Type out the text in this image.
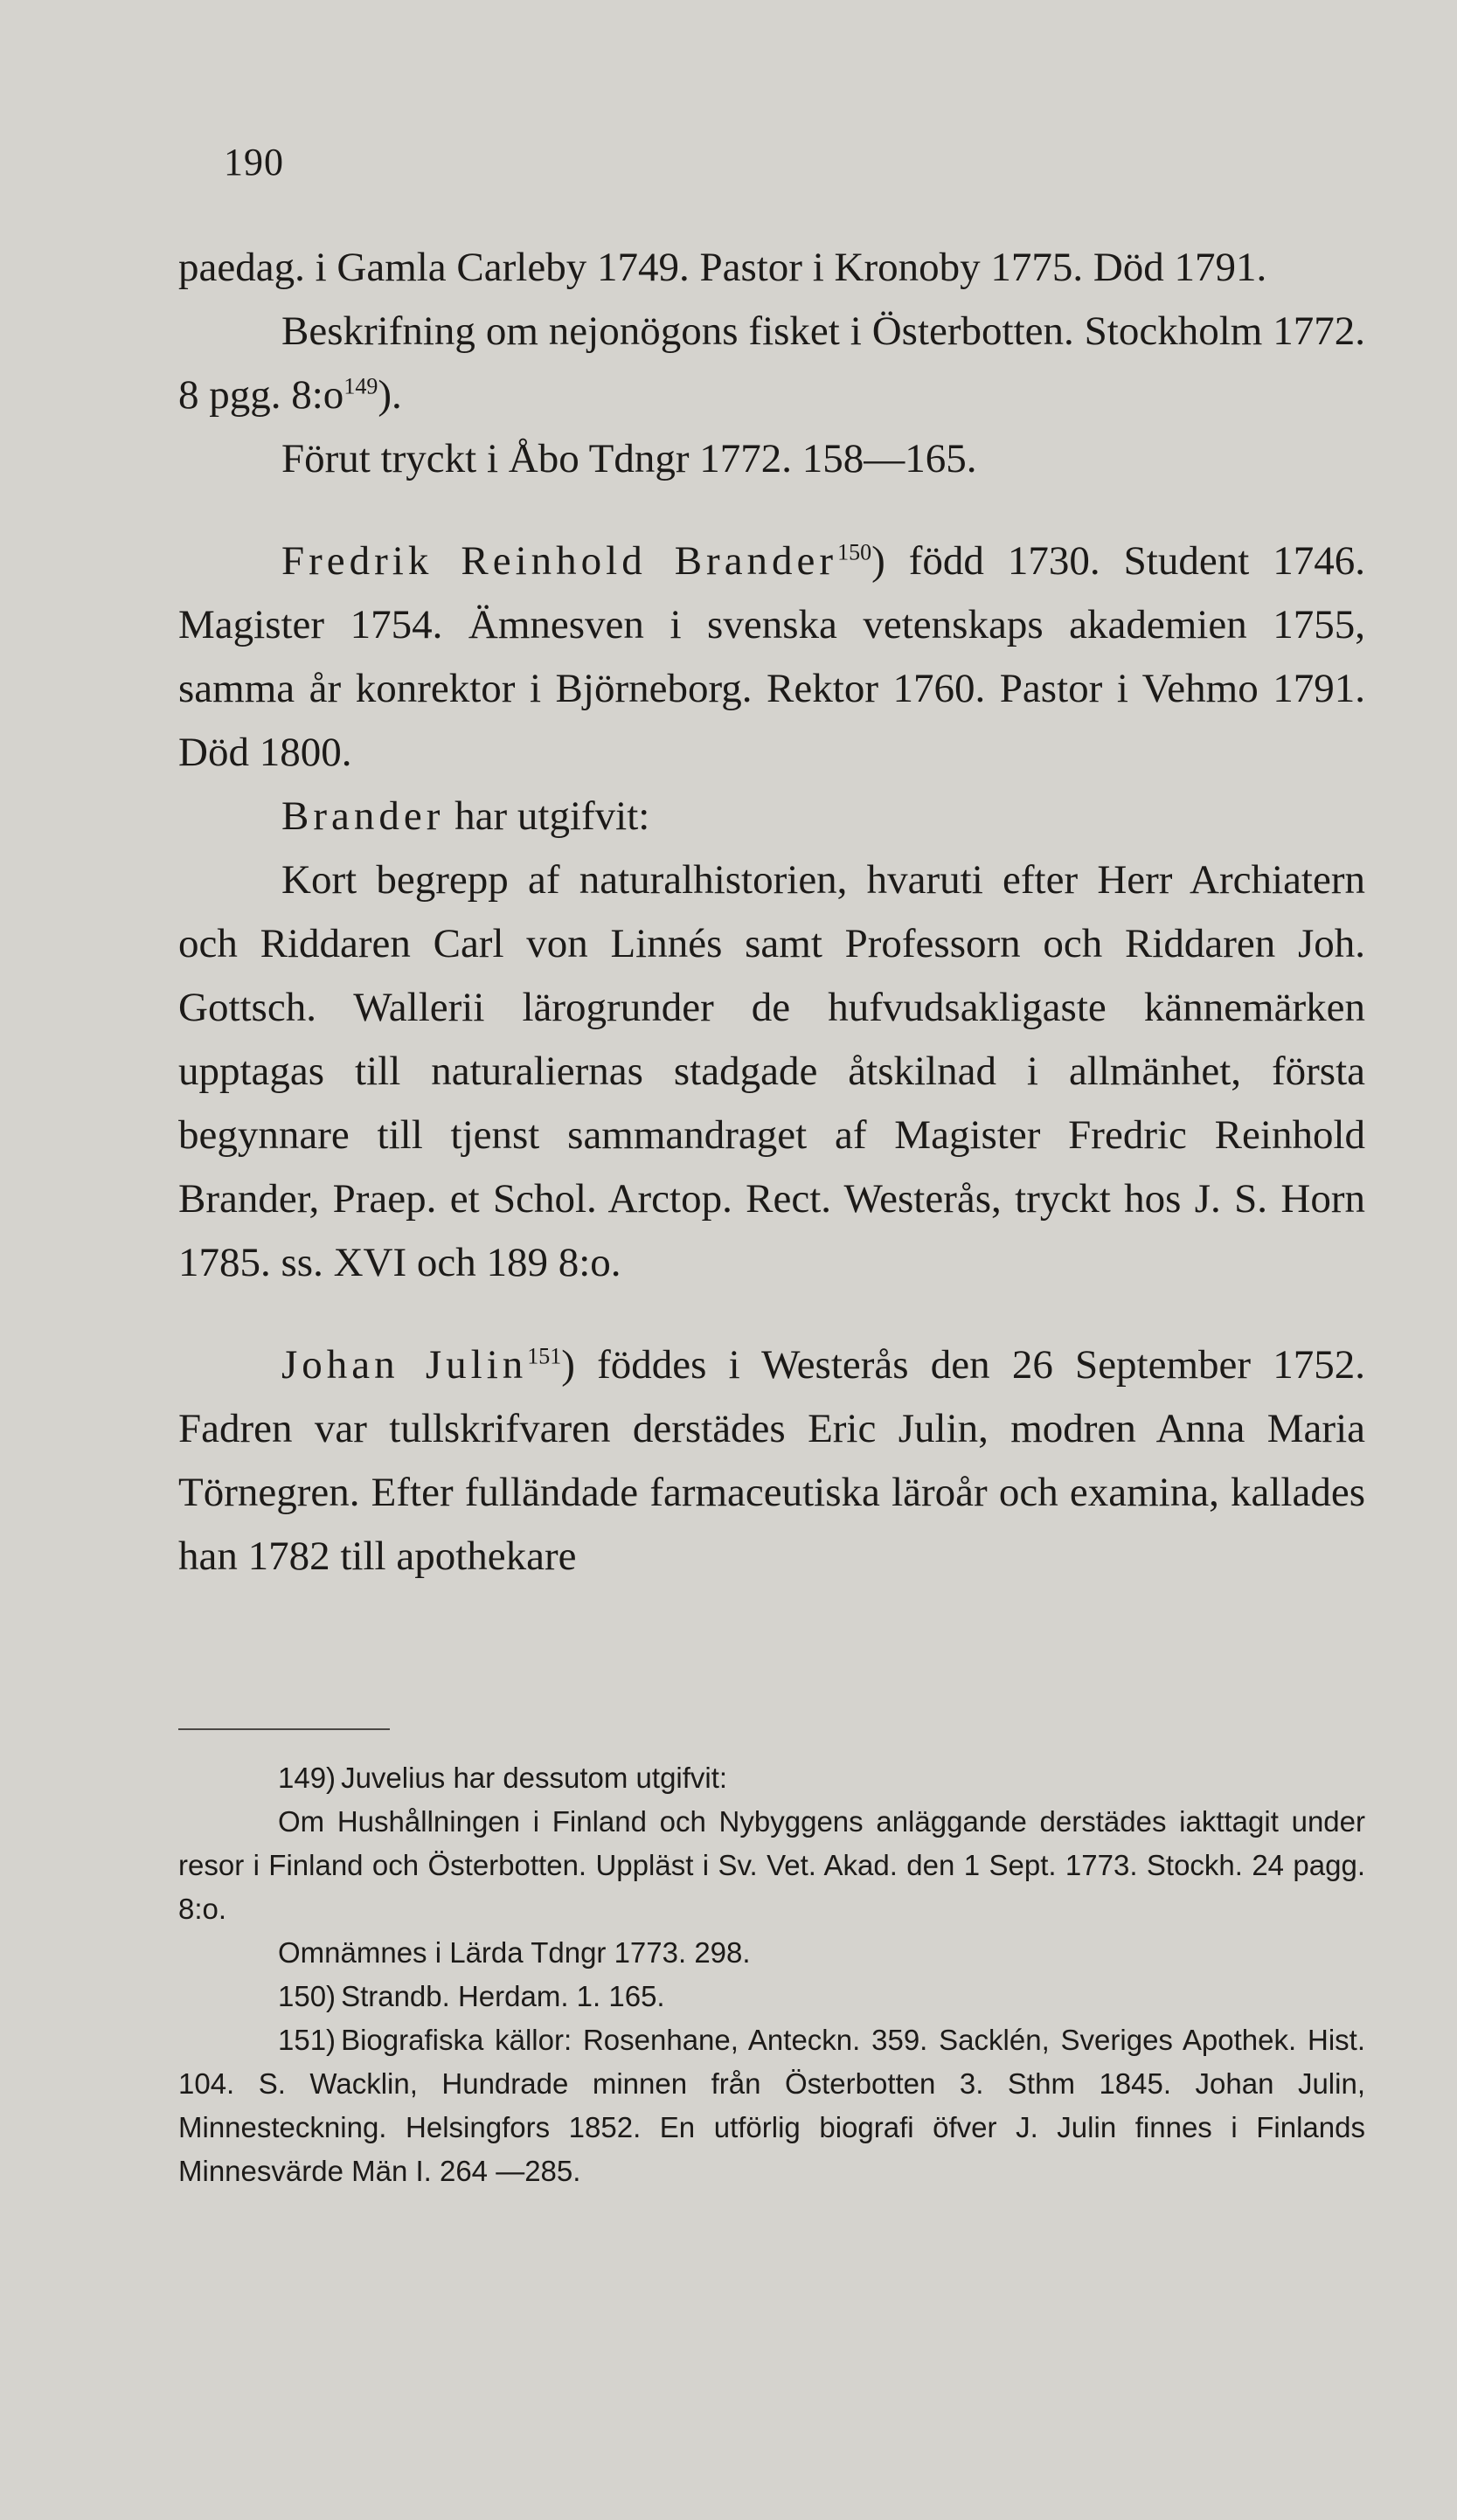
190

paedag. i Gamla Carleby 1749. Pastor i Kronoby 1775. Död 1791.

Beskrifning om nejonögons fisket i Österbotten. Stockholm 1772. 8 pgg. $8:o^{149}$).

Förut tryckt i Åbo Tdngr 1772. 158—165.

Fredrik Reinhold Brander$^{150}$) född 1730. Student 1746. Magister 1754. Ämnesven i svenska vetenskaps akademien 1755, samma år konrektor i Björneborg. Rektor 1760. Pastor i Vehmo 1791. Död 1800.

Brander har utgifvit:

Kort begrepp af naturalhistorien, hvaruti efter Herr Archiatern och Riddaren Carl von Linnés samt Professorn och Riddaren Joh. Gottsch. Wallerii lärogrunder de hufvudsakligaste kännemärken upptagas till naturaliernas stadgade åtskilnad i allmänhet, första begynnare till tjenst sammandraget af Magister Fredric Reinhold Brander, Praep. et Schol. Arctop. Rect. Westerås, tryckt hos J. S. Horn 1785. ss. XVI och 189 8:o.

Johan Julin$^{151}$) föddes i Westerås den 26 September 1752. Fadren var tullskrifvaren derstädes Eric Julin, modren Anna Maria Törnegren. Efter fulländade farmaceutiska läroår och examina, kallades han 1782 till apothekare

149) Juvelius har dessutom utgifvit:

Om Hushållningen i Finland och Nybyggens anläggande derstädes iakttagit under resor i Finland och Österbotten. Uppläst i Sv. Vet. Akad. den 1 Sept. 1773. Stockh. 24 pagg. 8:o.

Omnämnes i Lärda Tdngr 1773. 298.

150) Strandb. Herdam. 1. 165.

151) Biografiska källor: Rosenhane, Anteckn. 359. Sacklén, Sveriges Apothek. Hist. 104. S. Wacklin, Hundrade minnen från Österbotten 3. Sthm 1845. Johan Julin, Minnesteckning. Helsingfors 1852. En utförlig biografi öfver J. Julin finnes i Finlands Minnesvärde Män I. 264 —285.
